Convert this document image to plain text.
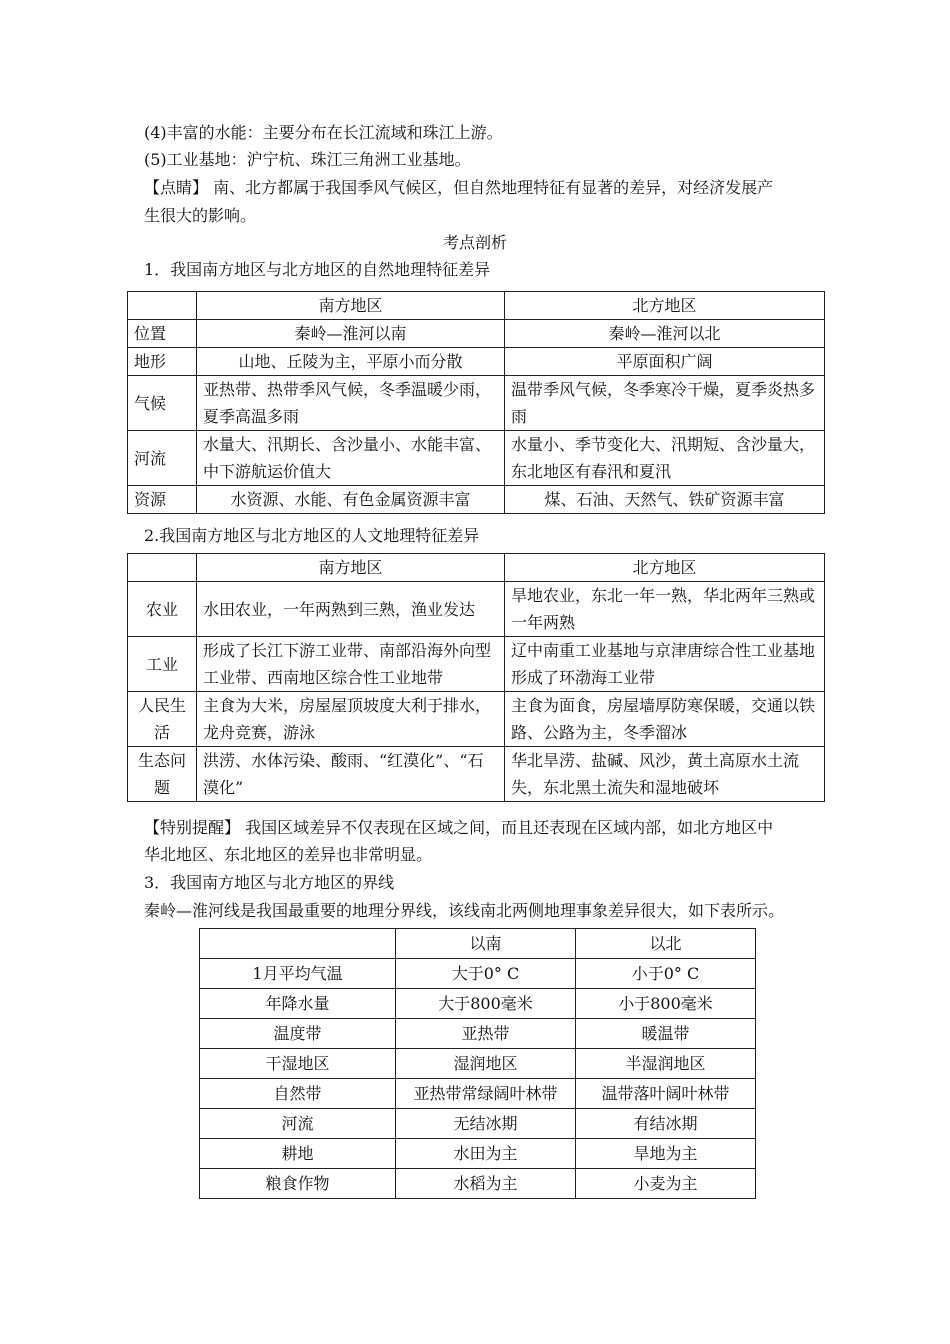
(4)丰富的水能：主要分布在长江流域和珠江上游。
(5)工业基地：沪宁杭、珠江三角洲工业基地。
【点睛】 南、北方都属于我国季风气候区，但自然地理特征有显著的差异，对经济发展产
生很大的影响。
考点剖析
1．我国南方地区与北方地区的自然地理特征差异
	南方地区	北方地区
位置	秦岭—淮河以南	秦岭—淮河以北
地形	山地、丘陵为主，平原小而分散	平原面积广阔
气候	亚热带、热带季风气候，冬季温暖少雨，夏季高温多雨	温带季风气候，冬季寒冷干燥，夏季炎热多雨
河流	水量大、汛期长、含沙量小、水能丰富、中下游航运价值大	水量小、季节变化大、汛期短、含沙量大，东北地区有春汛和夏汛
资源	水资源、水能、有色金属资源丰富	煤、石油、天然气、铁矿资源丰富
2.我国南方地区与北方地区的人文地理特征差异
	南方地区	北方地区
农业	水田农业，一年两熟到三熟，渔业发达	旱地农业，东北一年一熟，华北两年三熟或一年两熟
工业	形成了长江下游工业带、南部沿海外向型工业带、西南地区综合性工业地带	辽中南重工业基地与京津唐综合性工业基地形成了环渤海工业带
人民生活	主食为大米，房屋屋顶坡度大利于排水，龙舟竞赛，游泳	主食为面食，房屋墙厚防寒保暖，交通以铁路、公路为主，冬季溜冰
生态问题	洪涝、水体污染、酸雨、“红漠化”、“石漠化”	华北旱涝、盐碱、风沙，黄土高原水土流失，东北黑土流失和湿地破坏
【特别提醒】 我国区域差异不仅表现在区域之间，而且还表现在区域内部，如北方地区中
华北地区、东北地区的差异也非常明显。
3．我国南方地区与北方地区的界线
秦岭—淮河线是我国最重要的地理分界线，该线南北两侧地理事象差异很大，如下表所示。
	以南	以北
1月平均气温	大于0° C	小于0° C
年降水量	大于800毫米	小于800毫米
温度带	亚热带	暖温带
干湿地区	湿润地区	半湿润地区
自然带	亚热带常绿阔叶林带	温带落叶阔叶林带
河流	无结冰期	有结冰期
耕地	水田为主	旱地为主
粮食作物	水稻为主	小麦为主
